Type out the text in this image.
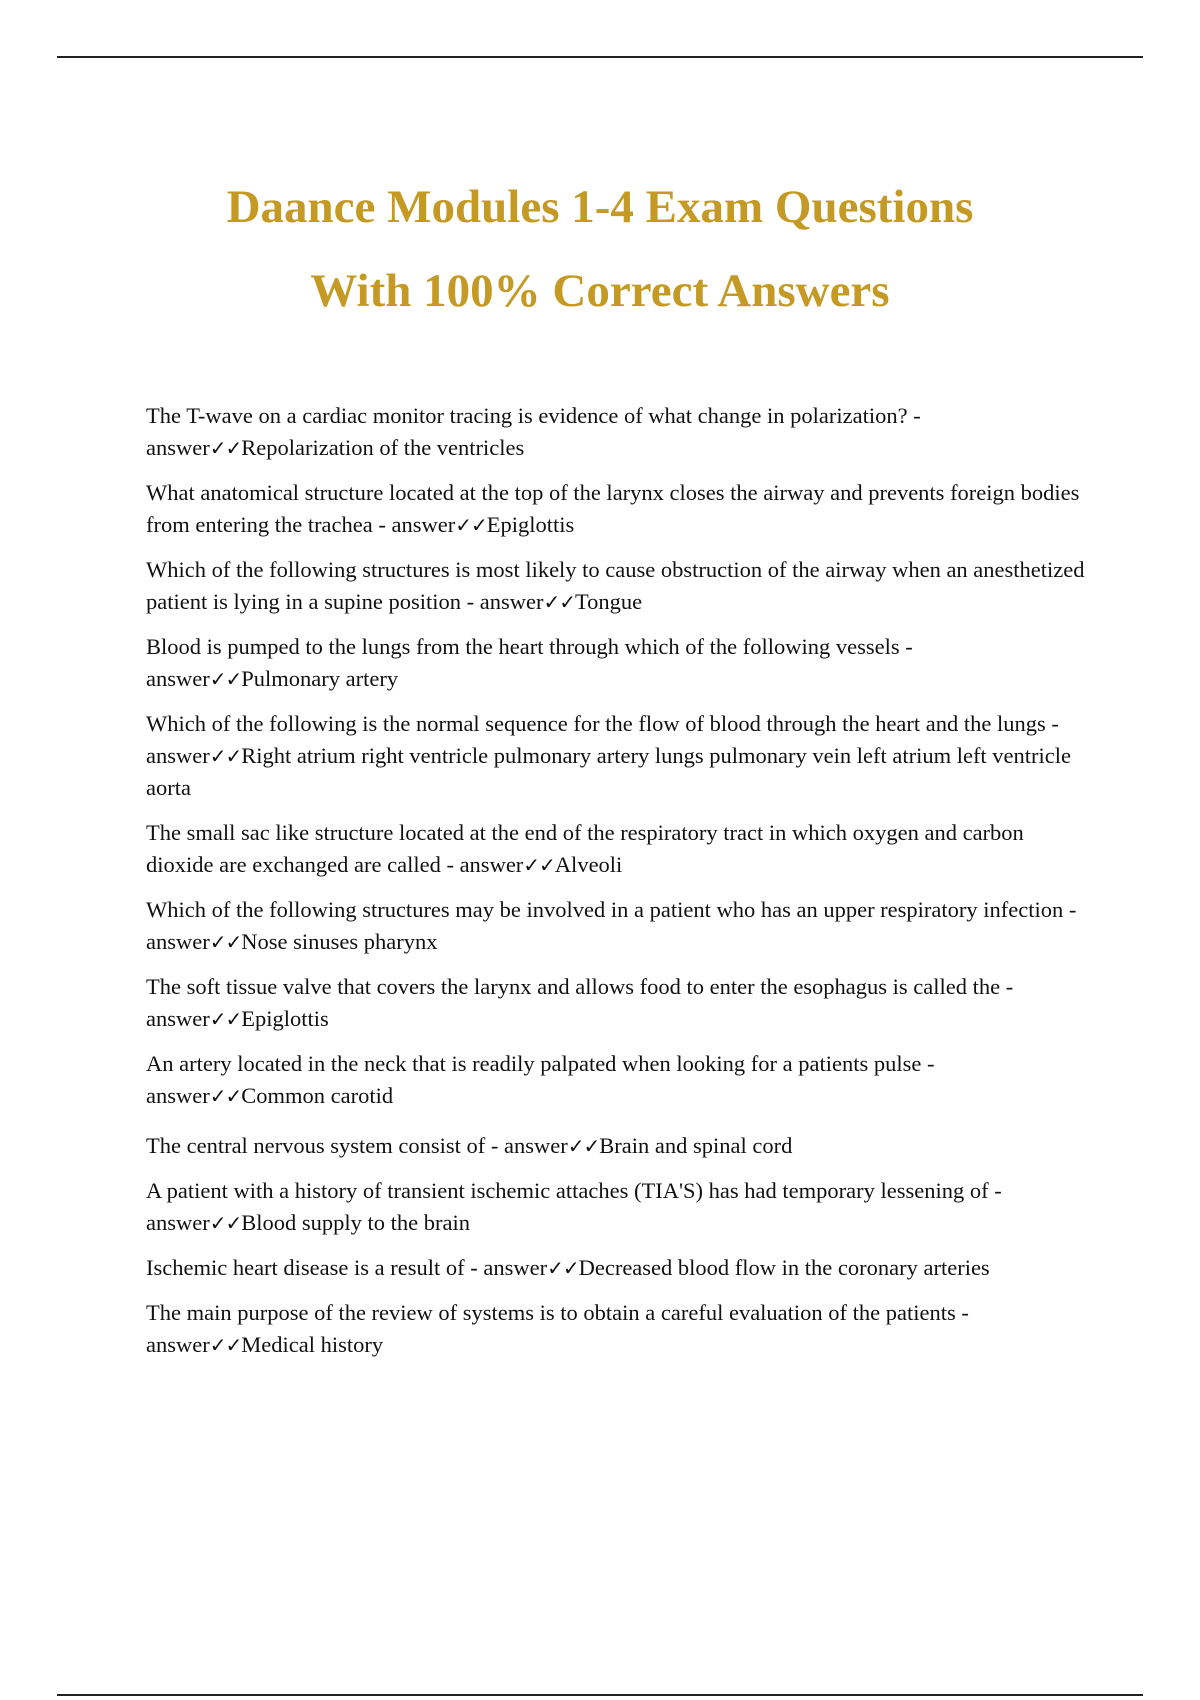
Daance Modules 1-4 Exam Questions
With 100% Correct Answers
The T-wave on a cardiac monitor tracing is evidence of what change in polarization? - answer✓✓Repolarization of the ventricles
What anatomical structure located at the top of the larynx closes the airway and prevents foreign bodies from entering the trachea - answer✓✓Epiglottis
Which of the following structures is most likely to cause obstruction of the airway when an anesthetized patient is lying in a supine position - answer✓✓Tongue
Blood is pumped to the lungs from the heart through which of the following vessels - answer✓✓Pulmonary artery
Which of the following is the normal sequence for the flow of blood through the heart and the lungs - answer✓✓Right atrium right ventricle pulmonary artery lungs pulmonary vein left atrium left ventricle aorta
The small sac like structure located at the end of the respiratory tract in which oxygen and carbon dioxide are exchanged are called - answer✓✓Alveoli
Which of the following structures may be involved in a patient who has an upper respiratory infection - answer✓✓Nose sinuses pharynx
The soft tissue valve that covers the larynx and allows food to enter the esophagus is called the - answer✓✓Epiglottis
An artery located in the neck that is readily palpated when looking for a patients pulse - answer✓✓Common carotid
The central nervous system consist of - answer✓✓Brain and spinal cord
A patient with a history of transient ischemic attaches (TIA'S) has had temporary lessening of - answer✓✓Blood supply to the brain
Ischemic heart disease is a result of - answer✓✓Decreased blood flow in the coronary arteries
The main purpose of the review of systems is to obtain a careful evaluation of the patients - answer✓✓Medical history
